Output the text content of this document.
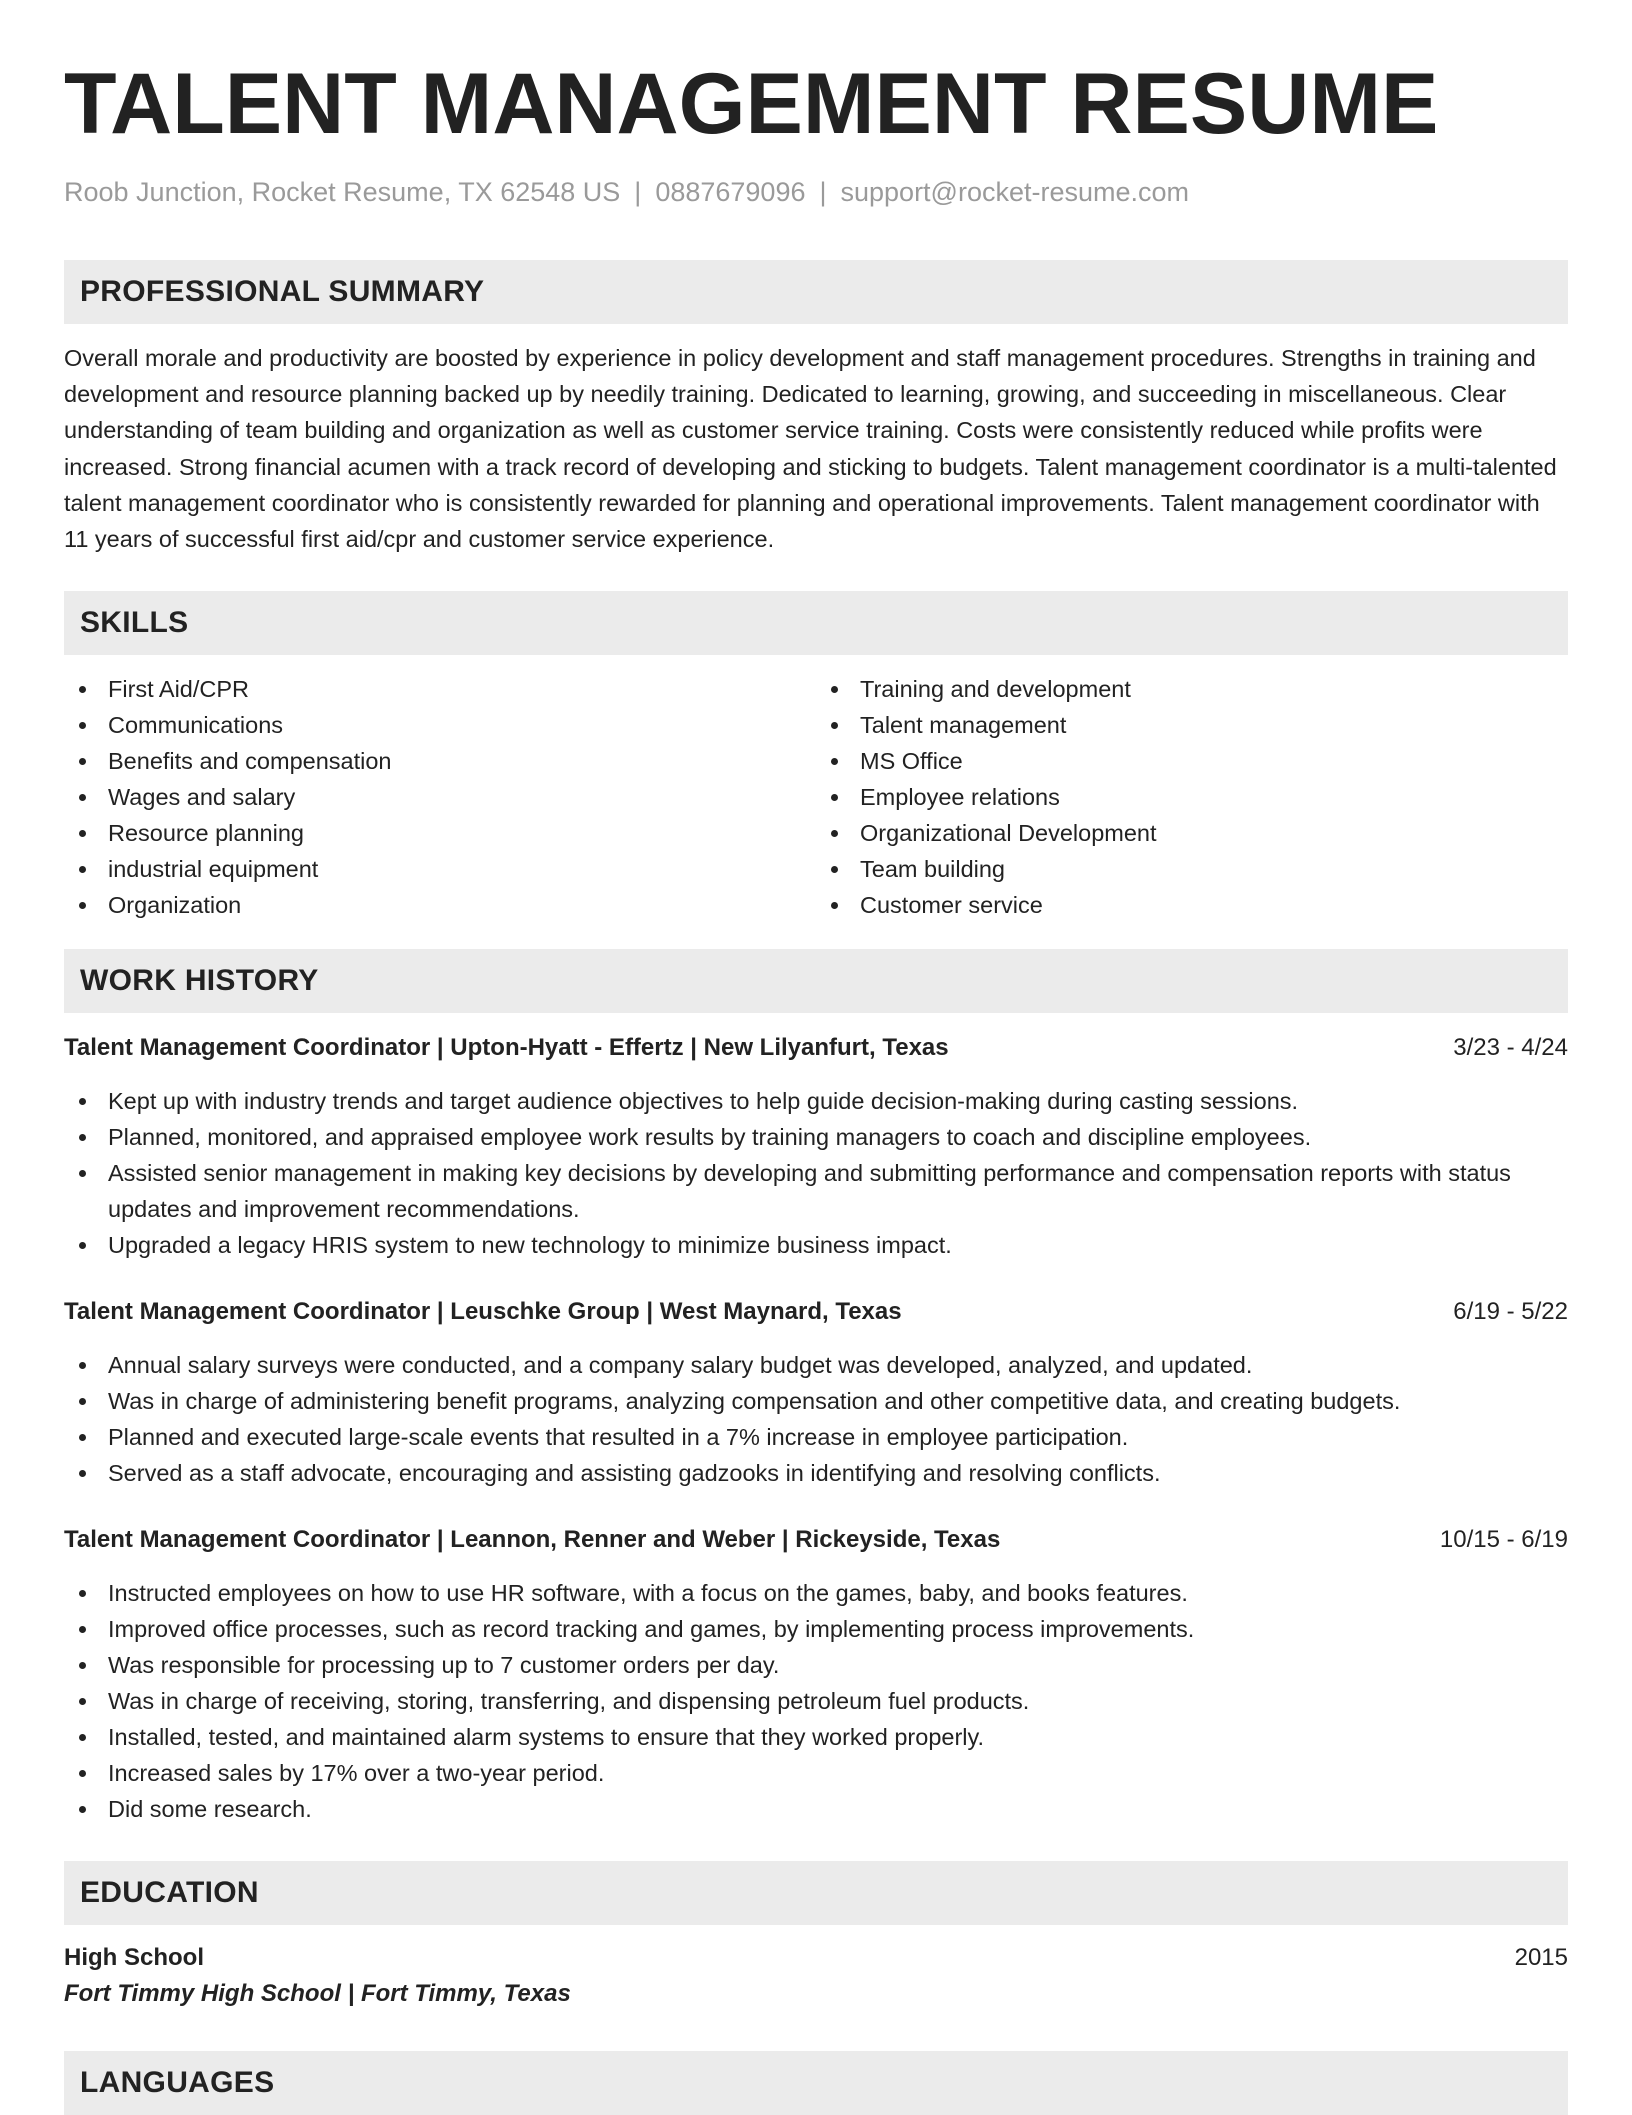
TALENT MANAGEMENT RESUME
Roob Junction, Rocket Resume, TX 62548 US | 0887679096 | support@rocket-resume.com
PROFESSIONAL SUMMARY

Overall morale and productivity are boosted by experience in policy development and staff management procedures. Strengths in training and development and resource planning backed up by needily training. Dedicated to learning, growing, and succeeding in miscellaneous. Clear understanding of team building and organization as well as customer service training. Costs were consistently reduced while profits were increased. Strong financial acumen with a track record of developing and sticking to budgets. Talent management coordinator is a multi-talented talent management coordinator who is consistently rewarded for planning and operational improvements. Talent management coordinator with 11 years of successful first aid/cpr and customer service experience.

SKILLS
First Aid/CPR
Communications
Benefits and compensation
Wages and salary
Resource planning
industrial equipment
Organization
Training and development
Talent management
MS Office
Employee relations
Organizational Development
Team building
Customer service
WORK HISTORY
Talent Management Coordinator | Upton-Hyatt - Effertz | New Lilyanfurt, Texas	3/23 - 4/24
Kept up with industry trends and target audience objectives to help guide decision-making during casting sessions.
Planned, monitored, and appraised employee work results by training managers to coach and discipline employees.
Assisted senior management in making key decisions by developing and submitting performance and compensation reports with status updates and improvement recommendations.
Upgraded a legacy HRIS system to new technology to minimize business impact.
Talent Management Coordinator | Leuschke Group | West Maynard, Texas	6/19 - 5/22
Annual salary surveys were conducted, and a company salary budget was developed, analyzed, and updated.
Was in charge of administering benefit programs, analyzing compensation and other competitive data, and creating budgets.
Planned and executed large-scale events that resulted in a 7% increase in employee participation.
Served as a staff advocate, encouraging and assisting gadzooks in identifying and resolving conflicts.
Talent Management Coordinator | Leannon, Renner and Weber | Rickeyside, Texas	10/15 - 6/19
Instructed employees on how to use HR software, with a focus on the games, baby, and books features.
Improved office processes, such as record tracking and games, by implementing process improvements.
Was responsible for processing up to 7 customer orders per day.
Was in charge of receiving, storing, transferring, and dispensing petroleum fuel products.
Installed, tested, and maintained alarm systems to ensure that they worked properly.
Increased sales by 17% over a two-year period.
Did some research.
EDUCATION
High School	2015
Fort Timmy High School | Fort Timmy, Texas
LANGUAGES
